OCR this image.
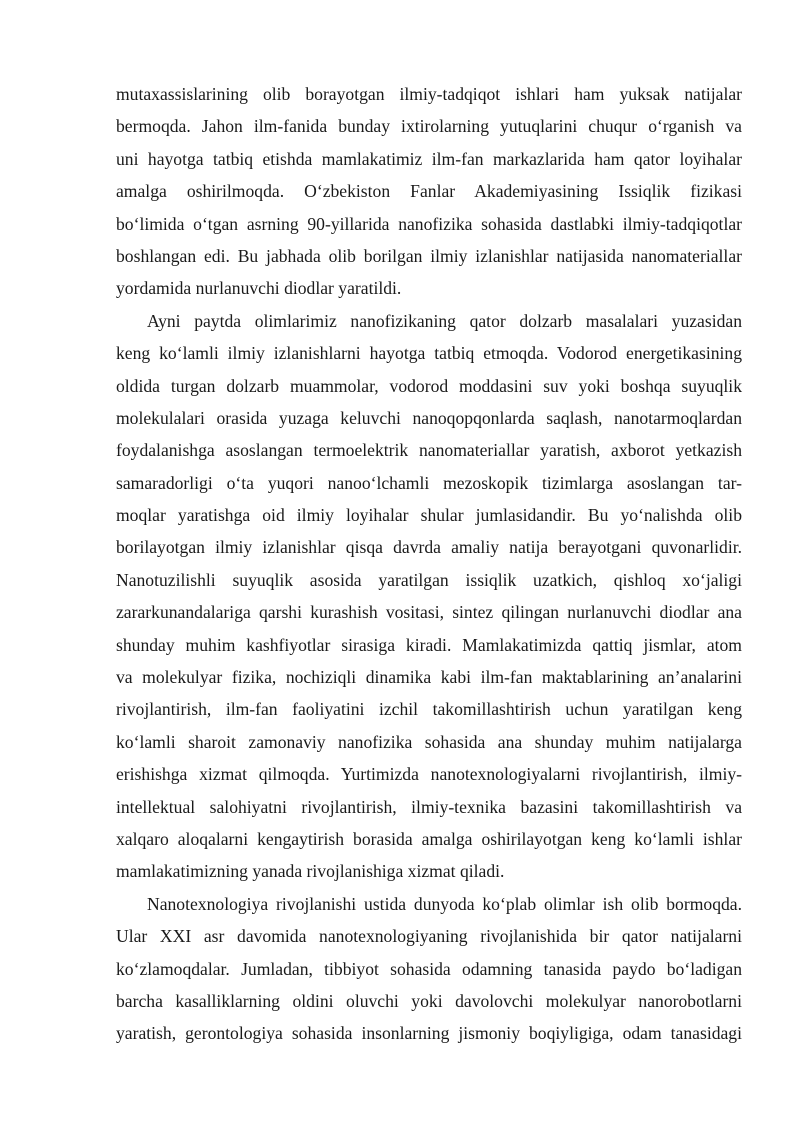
mutaxassislarining olib borayotgan ilmiy-tadqiqot ishlari ham yuksak natijalar
bermoqda. Jahon ilm-fanida bunday ixtirolarning yutuqlarini chuqur oʻrganish va
uni hayotga tatbiq etishda mamlakatimiz ilm-fan markazlarida ham qator loyihalar
amalga oshirilmoqda. Oʻzbekiston Fanlar Akademiyasining Issiqlik fizikasi
boʻlimida oʻtgan asrning 90-yillarida nanofizika sohasida dastlabki ilmiy-tadqiqotlar
boshlangan edi. Bu jabhada olib borilgan ilmiy izlanishlar natijasida nanomateriallar
yordamida nurlanuvchi diodlar yaratildi.
Ayni paytda olimlarimiz nanofizikaning qator dolzarb masalalari yuzasidan
keng koʻlamli ilmiy izlanishlarni hayotga tatbiq etmoqda. Vodorod energetikasining
oldida turgan dolzarb muammolar, vodorod moddasini suv yoki boshqa suyuqlik
molekulalari orasida yuzaga keluvchi nanoqopqonlarda saqlash, nanotarmoqlardan
foydalanishga asoslangan termoelektrik nanomateriallar yaratish, axborot yetkazish
samaradorligi oʻta yuqori nanooʻlchamli mezoskopik tizimlarga asoslangan tar-
moqlar yaratishga oid ilmiy loyihalar shular jumlasidandir. Bu yoʻnalishda olib
borilayotgan ilmiy izlanishlar qisqa davrda amaliy natija berayotgani quvonarlidir.
Nanotuzilishli suyuqlik asosida yaratilgan issiqlik uzatkich, qishloq xoʻjaligi
zararkunandalariga qarshi kurashish vositasi, sintez qilingan nurlanuvchi diodlar ana
shunday muhim kashfiyotlar sirasiga kiradi. Mamlakatimizda qattiq jismlar, atom
va molekulyar fizika, nochiziqli dinamika kabi ilm-fan maktablarining an’analarini
rivojlantirish, ilm-fan faoliyatini izchil takomillashtirish uchun yaratilgan keng
koʻlamli sharoit zamonaviy nanofizika sohasida ana shunday muhim natijalarga
erishishga xizmat qilmoqda. Yurtimizda nanotexnologiyalarni rivojlantirish, ilmiy-
intellektual salohiyatni rivojlantirish, ilmiy-texnika bazasini takomillashtirish va
xalqaro aloqalarni kengaytirish borasida amalga oshirilayotgan keng koʻlamli ishlar
mamlakatimizning yanada rivojlanishiga xizmat qiladi.
Nanotexnologiya rivojlanishi ustida dunyoda koʻplab olimlar ish olib bormoqda.
Ular XXI asr davomida nanotexnologiyaning rivojlanishida bir qator natijalarni
koʻzlamoqdalar. Jumladan, tibbiyot sohasida odamning tanasida paydo boʻladigan
barcha kasalliklarning oldini oluvchi yoki davolovchi molekulyar nanorobotlarni
yaratish, gerontologiya sohasida insonlarning jismoniy boqiyligiga, odam tanasidagi
